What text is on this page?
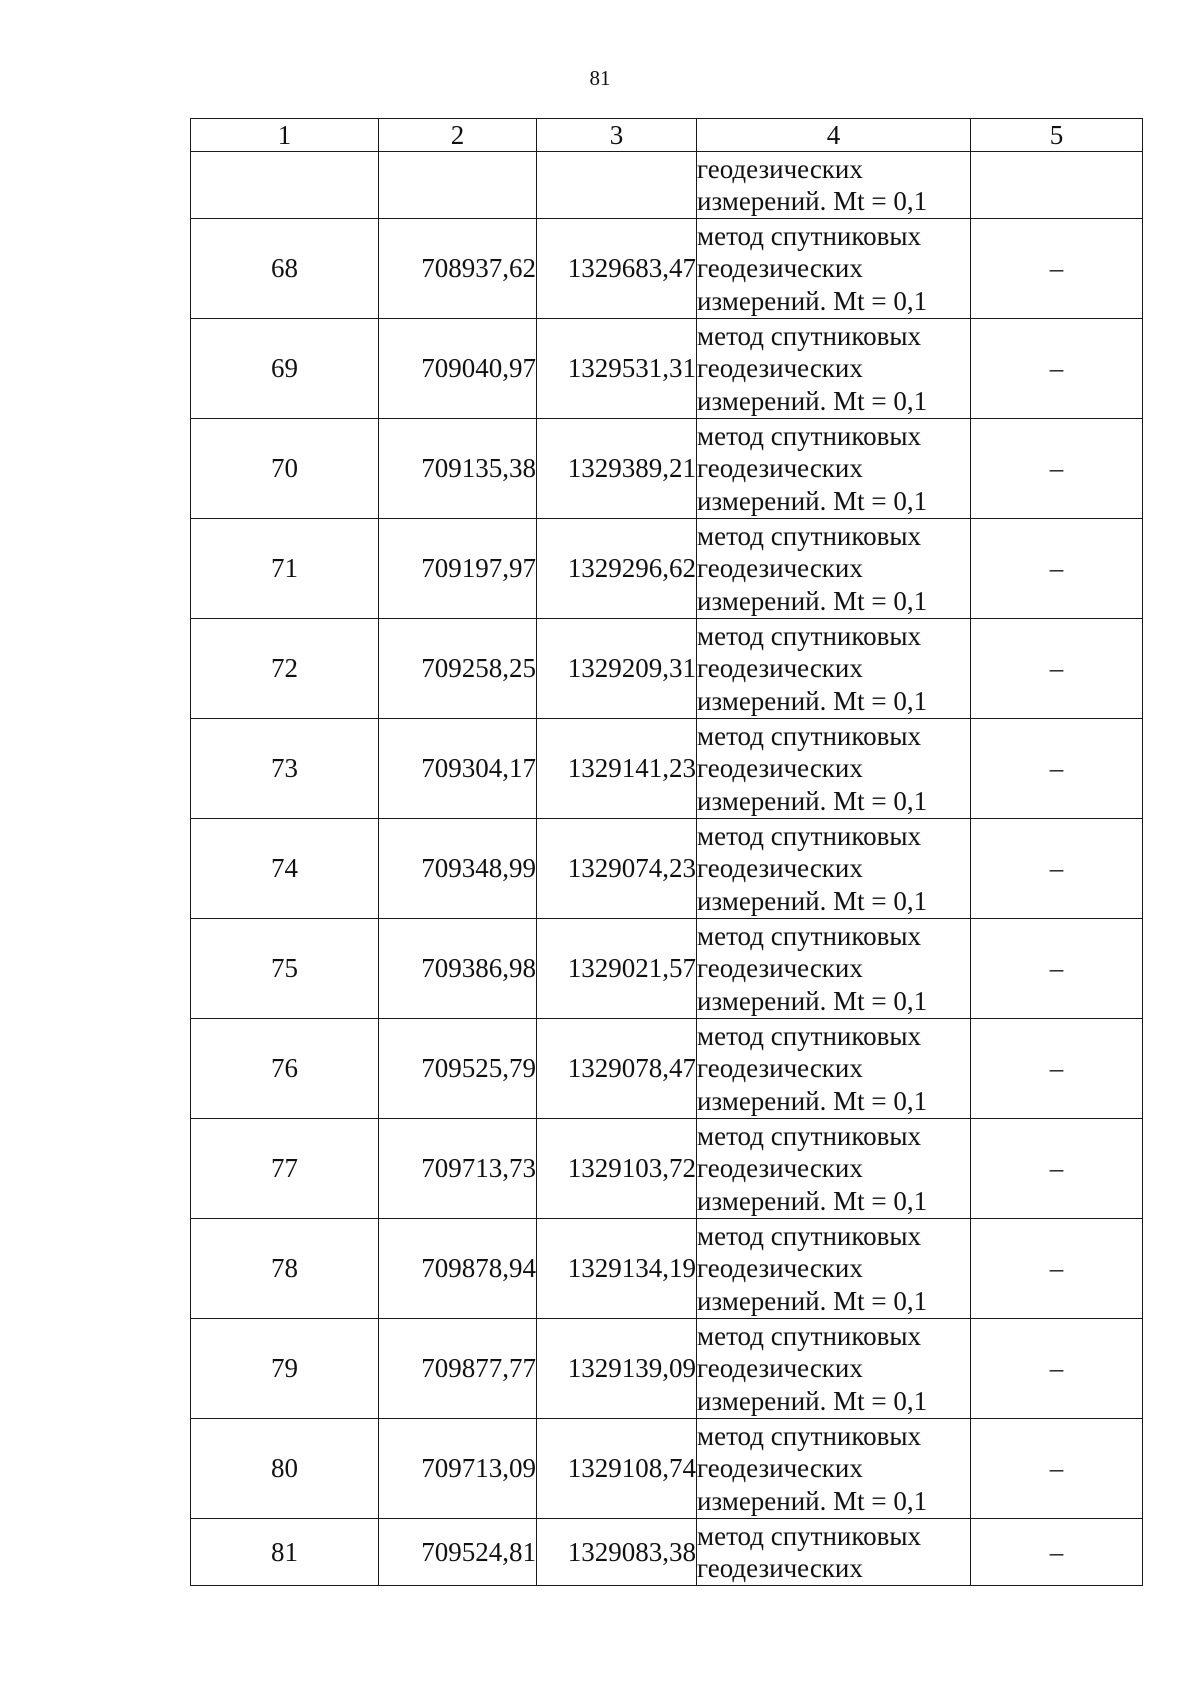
81
1	2	3	4	5
			геодезических
измерений. Mt = 0,1	
68	708937,62	1329683,47	метод спутниковых
геодезических
измерений. Mt = 0,1	–
69	709040,97	1329531,31	метод спутниковых
геодезических
измерений. Mt = 0,1	–
70	709135,38	1329389,21	метод спутниковых
геодезических
измерений. Mt = 0,1	–
71	709197,97	1329296,62	метод спутниковых
геодезических
измерений. Mt = 0,1	–
72	709258,25	1329209,31	метод спутниковых
геодезических
измерений. Mt = 0,1	–
73	709304,17	1329141,23	метод спутниковых
геодезических
измерений. Mt = 0,1	–
74	709348,99	1329074,23	метод спутниковых
геодезических
измерений. Mt = 0,1	–
75	709386,98	1329021,57	метод спутниковых
геодезических
измерений. Mt = 0,1	–
76	709525,79	1329078,47	метод спутниковых
геодезических
измерений. Mt = 0,1	–
77	709713,73	1329103,72	метод спутниковых
геодезических
измерений. Mt = 0,1	–
78	709878,94	1329134,19	метод спутниковых
геодезических
измерений. Mt = 0,1	–
79	709877,77	1329139,09	метод спутниковых
геодезических
измерений. Mt = 0,1	–
80	709713,09	1329108,74	метод спутниковых
геодезических
измерений. Mt = 0,1	–
81	709524,81	1329083,38	метод спутниковых
геодезических	–
